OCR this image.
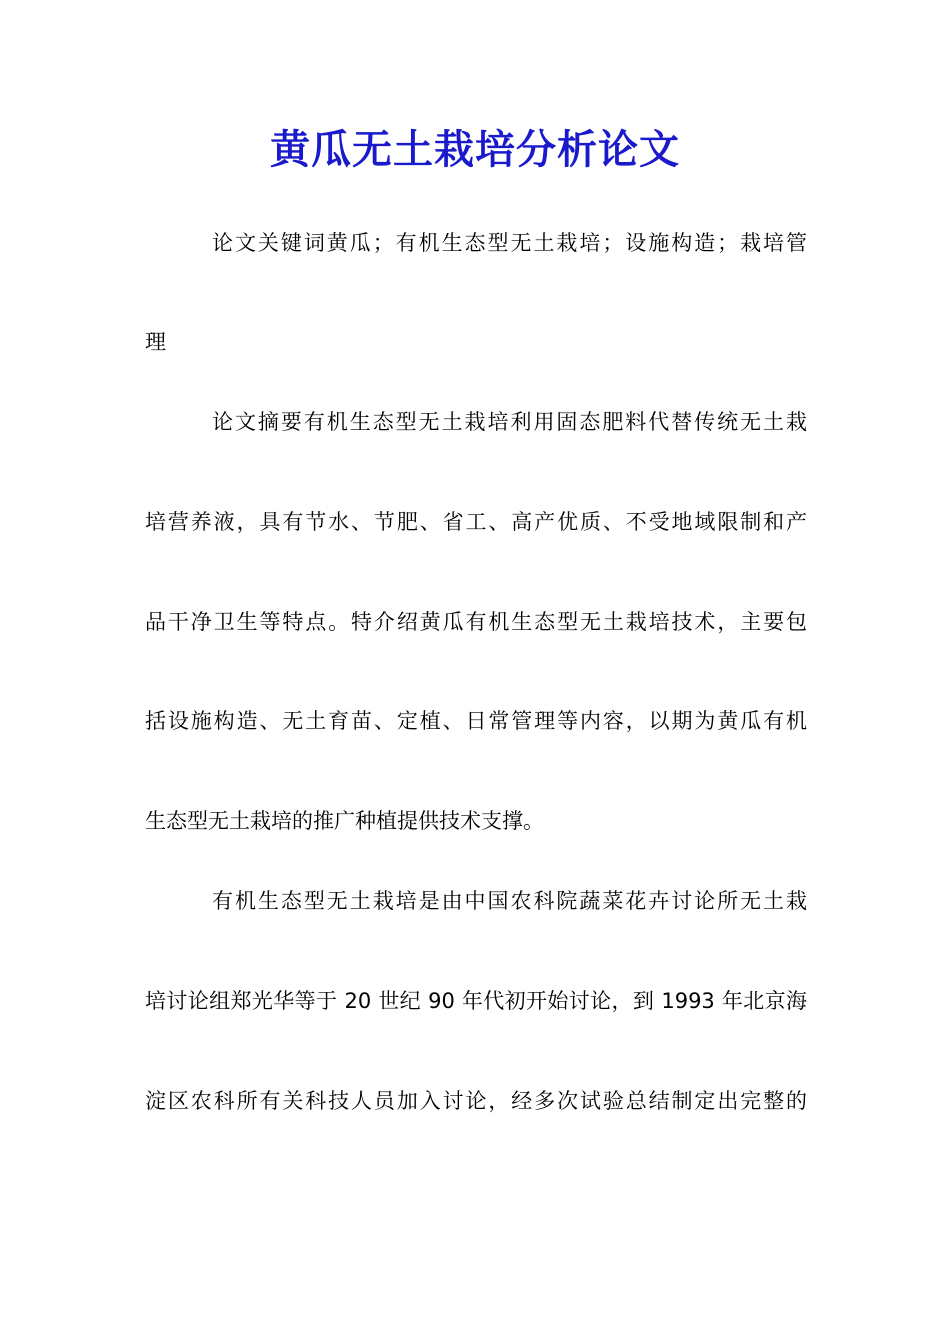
黄瓜无土栽培分析论文
论文关键词黄瓜；有机生态型无土栽培；设施构造；栽培管
理
论文摘要有机生态型无土栽培利用固态肥料代替传统无土栽
培营养液，具有节水、节肥、省工、高产优质、不受地域限制和产
品干净卫生等特点。特介绍黄瓜有机生态型无土栽培技术，主要包
括设施构造、无土育苗、定植、日常管理等内容，以期为黄瓜有机
生态型无土栽培的推广种植提供技术支撑。
有机生态型无土栽培是由中国农科院蔬菜花卉讨论所无土栽
培讨论组郑光华等于 20 世纪 90 年代初开始讨论，到 1993 年北京海
淀区农科所有关科技人员加入讨论，经多次试验总结制定出完整的
